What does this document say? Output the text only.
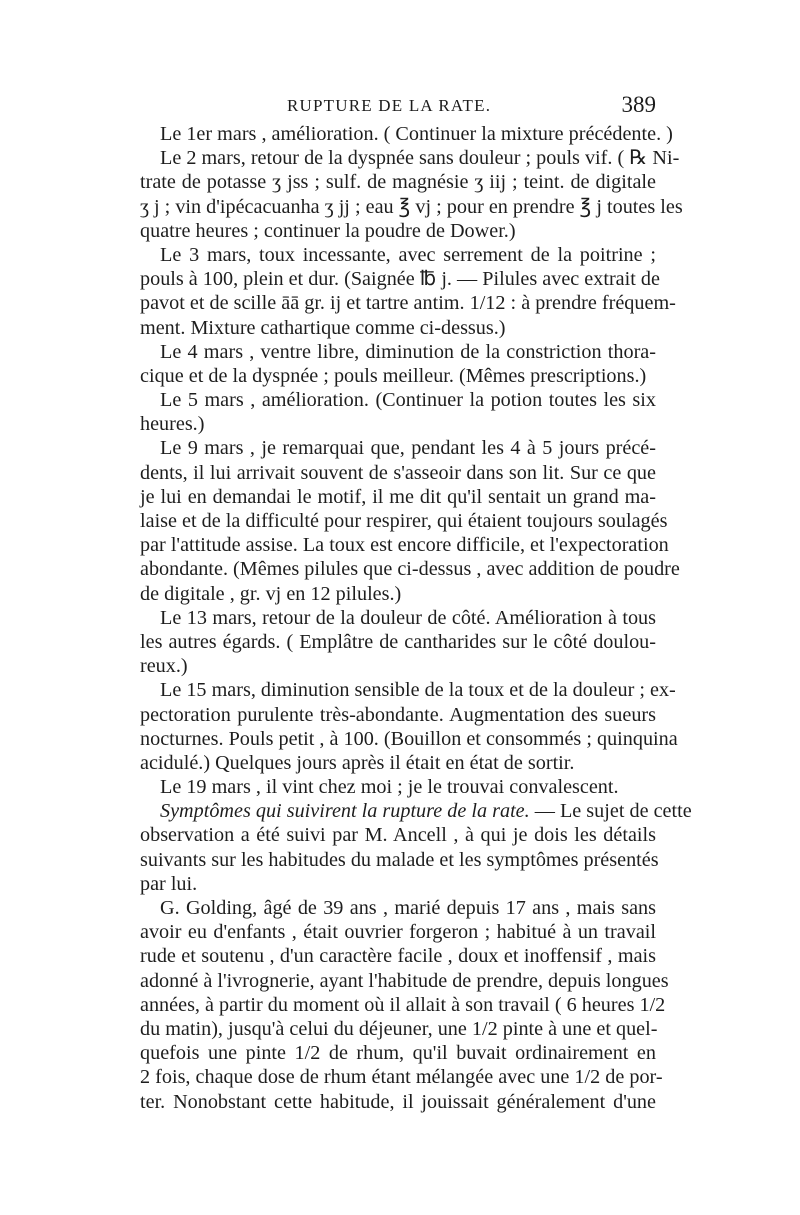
RUPTURE DE LA RATE.	389
Le 1er mars , amélioration. ( Continuer la mixture précédente. )
Le 2 mars, retour de la dyspnée sans douleur ; pouls vif. ( ℞ Ni-
trate de potasse ʒ jss ; sulf. de magnésie ʒ iij ; teint. de digitale
ʒ j ; vin d'ipécacuanha ʒ jj ; eau ℥ vj ; pour en prendre ℥ j toutes les
quatre heures ; continuer la poudre de Dower.)
Le 3 mars, toux incessante, avec serrement de la poitrine ;
pouls à 100, plein et dur. (Saignée ℔ j. — Pilules avec extrait de
pavot et de scille āā gr. ij et tartre antim. 1/12 : à prendre fréquem-
ment. Mixture cathartique comme ci-dessus.)
Le 4 mars , ventre libre, diminution de la constriction thora-
cique et de la dyspnée ; pouls meilleur. (Mêmes prescriptions.)
Le 5 mars , amélioration. (Continuer la potion toutes les six
heures.)
Le 9 mars , je remarquai que, pendant les 4 à 5 jours précé-
dents, il lui arrivait souvent de s'asseoir dans son lit. Sur ce que
je lui en demandai le motif, il me dit qu'il sentait un grand ma-
laise et de la difficulté pour respirer, qui étaient toujours soulagés
par l'attitude assise. La toux est encore difficile, et l'expectoration
abondante. (Mêmes pilules que ci-dessus , avec addition de poudre
de digitale , gr. vj en 12 pilules.)
Le 13 mars, retour de la douleur de côté. Amélioration à tous
les autres égards. ( Emplâtre de cantharides sur le côté doulou-
reux.)
Le 15 mars, diminution sensible de la toux et de la douleur ; ex-
pectoration purulente très-abondante. Augmentation des sueurs
nocturnes. Pouls petit , à 100. (Bouillon et consommés ; quinquina
acidulé.) Quelques jours après il était en état de sortir.
Le 19 mars , il vint chez moi ; je le trouvai convalescent.
Symptômes qui suivirent la rupture de la rate. — Le sujet de cette
observation a été suivi par M. Ancell , à qui je dois les détails
suivants sur les habitudes du malade et les symptômes présentés
par lui.
G. Golding, âgé de 39 ans , marié depuis 17 ans , mais sans
avoir eu d'enfants , était ouvrier forgeron ; habitué à un travail
rude et soutenu , d'un caractère facile , doux et inoffensif , mais
adonné à l'ivrognerie, ayant l'habitude de prendre, depuis longues
années, à partir du moment où il allait à son travail ( 6 heures 1/2
du matin), jusqu'à celui du déjeuner, une 1/2 pinte à une et quel-
quefois une pinte 1/2 de rhum, qu'il buvait ordinairement en
2 fois, chaque dose de rhum étant mélangée avec une 1/2 de por-
ter. Nonobstant cette habitude, il jouissait généralement d'une
